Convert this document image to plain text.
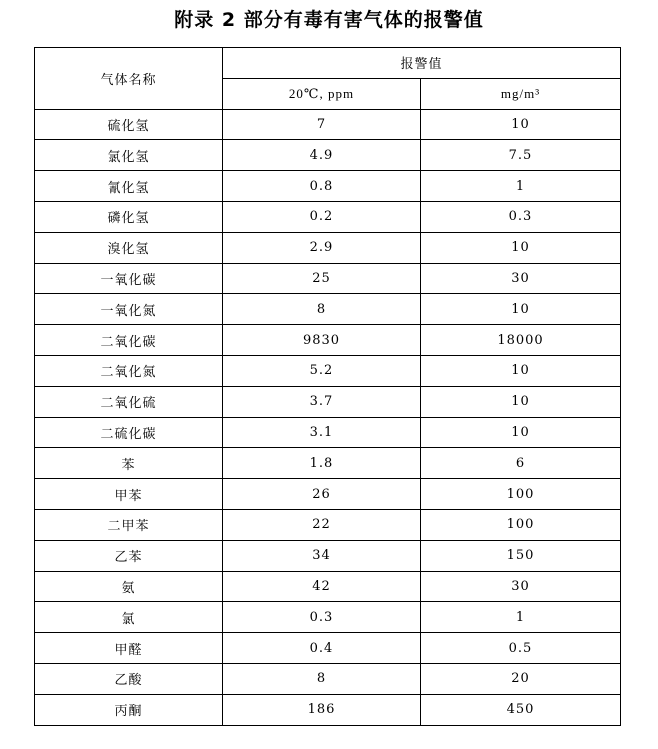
附录 2 部分有毒有害气体的报警值
气体名称	报警值	
	20℃, ppm	mg/m³
硫化氢	7	10
氯化氢	4.9	7.5
氰化氢	0.8	1
磷化氢	0.2	0.3
溴化氢	2.9	10
一氧化碳	25	30
一氧化氮	8	10
二氧化碳	9830	18000
二氧化氮	5.2	10
二氧化硫	3.7	10
二硫化碳	3.1	10
苯	1.8	6
甲苯	26	100
二甲苯	22	100
乙苯	34	150
氨	42	30
氯	0.3	1
甲醛	0.4	0.5
乙酸	8	20
丙酮	186	450
